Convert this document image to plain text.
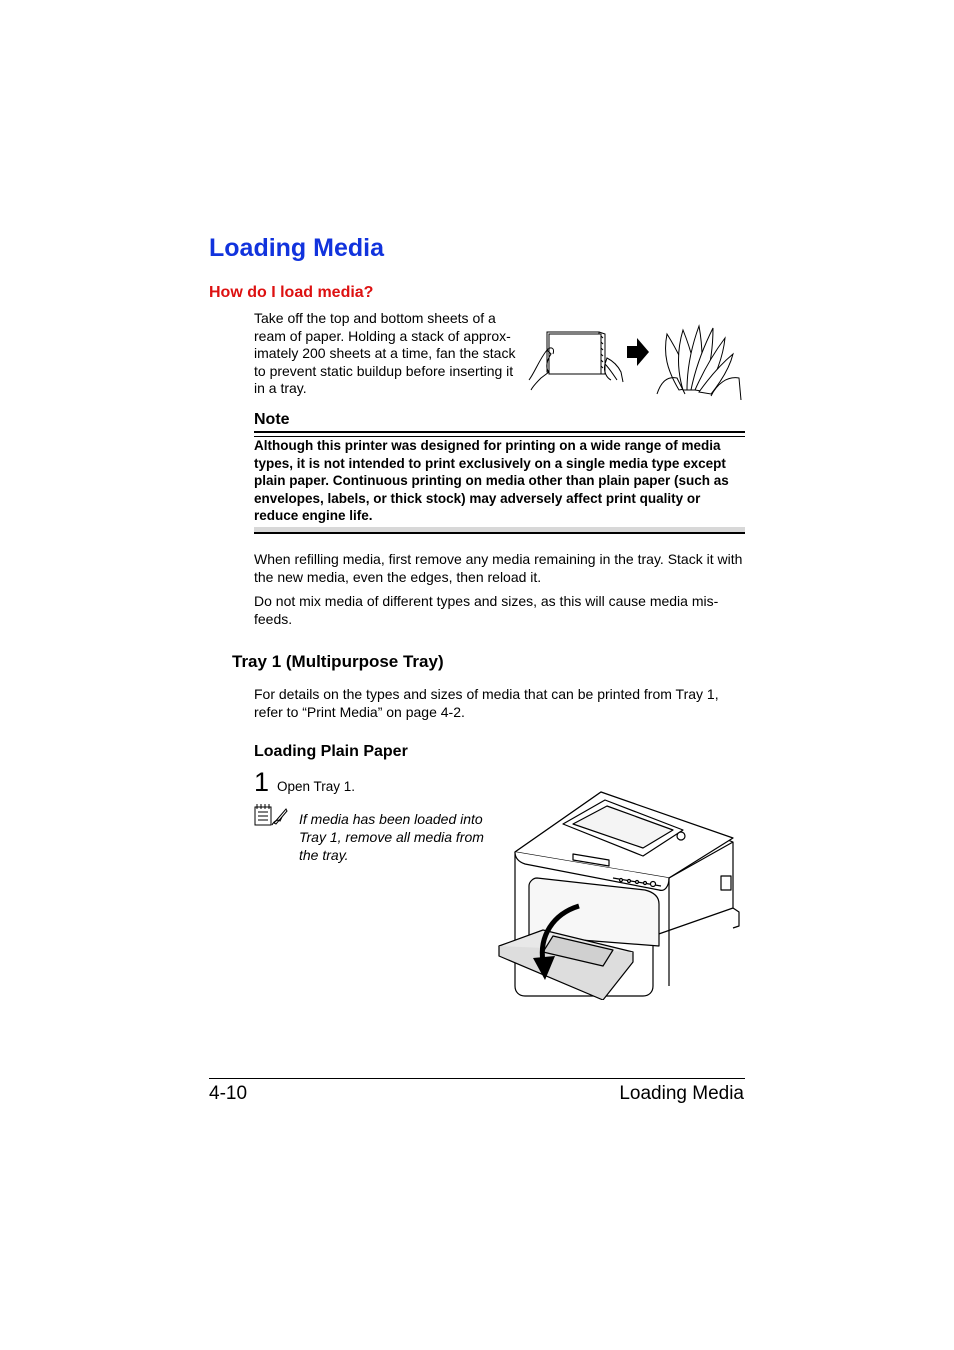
Loading Media
How do I load media?
Take off the top and bottom sheets of a ream of paper. Holding a stack of approx- imately 200 sheets at a time, fan the stack to prevent static buildup before inserting it in a tray.
Note
Although this printer was designed for printing on a wide range of media types, it is not intended to print exclusively on a single media type except plain paper. Continuous printing on media other than plain paper (such as envelopes, labels, or thick stock) may adversely affect print quality or reduce engine life.
When refilling media, first remove any media remaining in the tray. Stack it with the new media, even the edges, then reload it.
Do not mix media of different types and sizes, as this will cause media mis- feeds.
Tray 1 (Multipurpose Tray)
For details on the types and sizes of media that can be printed from Tray 1, refer to “Print Media” on page 4-2.
Loading Plain Paper
1 Open Tray 1.
If media has been loaded into Tray 1, remove all media from the tray.
4-10	Loading Media
